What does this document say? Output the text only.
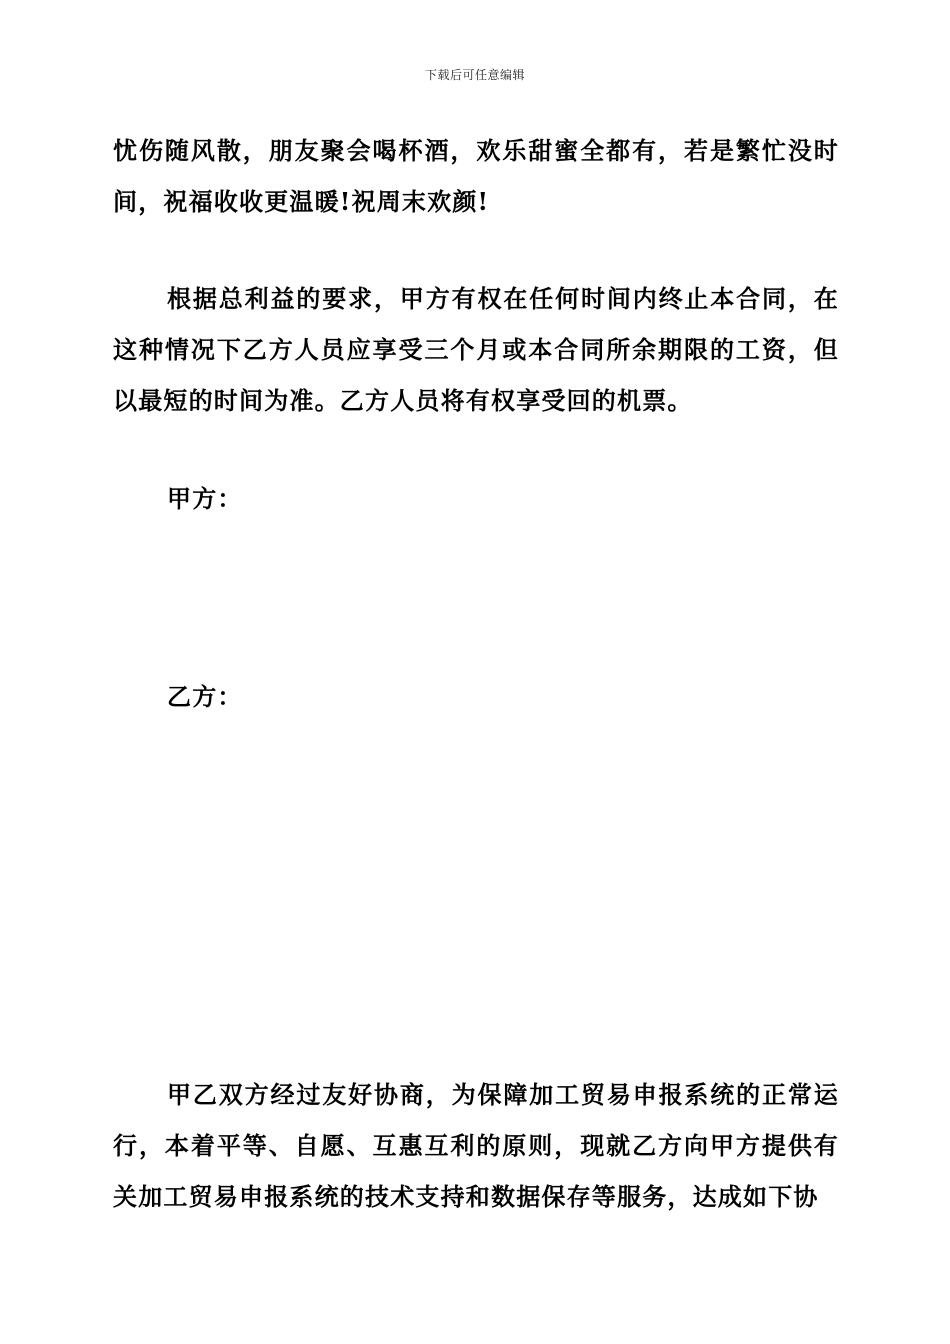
下载后可任意编辑

忧伤随风散，朋友聚会喝杯酒，欢乐甜蜜全都有，若是繁忙没时间，祝福收收更温暖!祝周末欢颜!

根据总利益的要求，甲方有权在任何时间内终止本合同，在这种情况下乙方人员应享受三个月或本合同所余期限的工资，但以最短的时间为准。乙方人员将有权享受回的机票。

甲方：

乙方：

甲乙双方经过友好协商，为保障加工贸易申报系统的正常运行，本着平等、自愿、互惠互利的原则，现就乙方向甲方提供有关加工贸易申报系统的技术支持和数据保存等服务，达成如下协
